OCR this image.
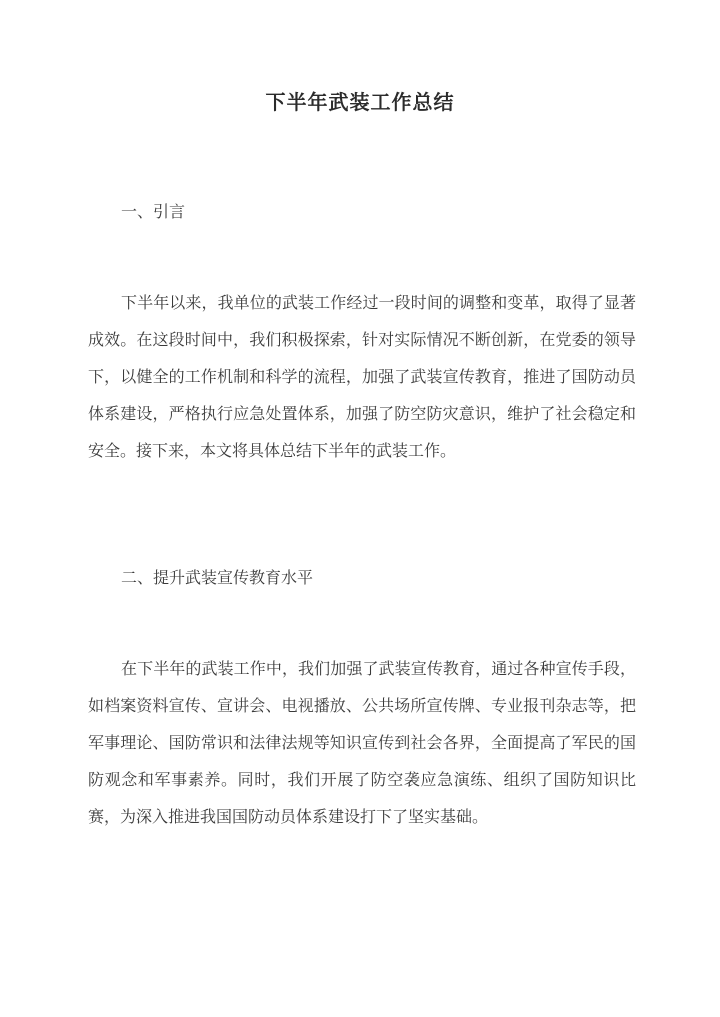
下半年武装工作总结

一、引言

下半年以来，我单位的武装工作经过一段时间的调整和变革，取得了显著成效。在这段时间中，我们积极探索，针对实际情况不断创新，在党委的领导下，以健全的工作机制和科学的流程，加强了武装宣传教育，推进了国防动员体系建设，严格执行应急处置体系，加强了防空防灾意识，维护了社会稳定和安全。接下来，本文将具体总结下半年的武装工作。

二、提升武装宣传教育水平

在下半年的武装工作中，我们加强了武装宣传教育，通过各种宣传手段，如档案资料宣传、宣讲会、电视播放、公共场所宣传牌、专业报刊杂志等，把军事理论、国防常识和法律法规等知识宣传到社会各界，全面提高了军民的国防观念和军事素养。同时，我们开展了防空袭应急演练、组织了国防知识比赛，为深入推进我国国防动员体系建设打下了坚实基础。
